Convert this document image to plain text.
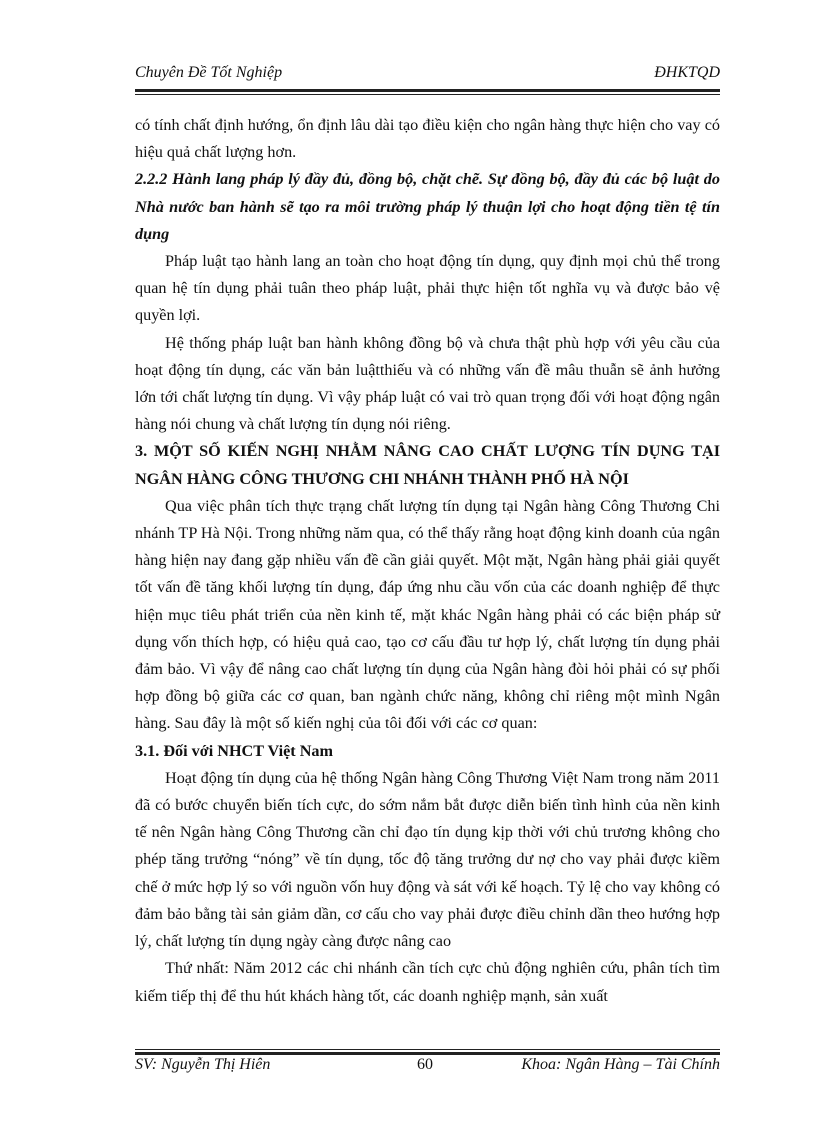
Chuyên Đề Tốt Nghiệp	ĐHKTQD

có tính chất định hướng, ổn định lâu dài tạo điều kiện cho ngân hàng thực hiện cho vay có hiệu quả chất lượng hơn.

2.2.2 Hành lang pháp lý đầy đủ, đồng bộ, chặt chẽ. Sự đồng bộ, đầy đủ các bộ luật do Nhà nước ban hành sẽ tạo ra môi trường pháp lý thuận lợi cho hoạt động tiền tệ tín dụng

Pháp luật tạo hành lang an toàn cho hoạt động tín dụng, quy định mọi chủ thể trong quan hệ tín dụng phải tuân theo pháp luật, phải thực hiện tốt nghĩa vụ và được bảo vệ quyền lợi.

Hệ thống pháp luật ban hành không đồng bộ và chưa thật phù hợp với yêu cầu của hoạt động tín dụng, các văn bản luậtthiếu và có những vấn đề mâu thuẫn sẽ ảnh hưởng lớn tới chất lượng tín dụng. Vì vậy pháp luật có vai trò quan trọng đối với hoạt động ngân hàng nói chung và chất lượng tín dụng nói riêng.

3. MỘT SỐ KIẾN NGHỊ NHẰM NÂNG CAO CHẤT LƯỢNG TÍN DỤNG TẠI NGÂN HÀNG CÔNG THƯƠNG CHI NHÁNH THÀNH PHỐ HÀ NỘI

Qua việc phân tích thực trạng chất lượng tín dụng tại Ngân hàng Công Thương Chi nhánh TP Hà Nội. Trong những năm qua, có thể thấy rằng hoạt động kinh doanh của ngân hàng hiện nay đang gặp nhiều vấn đề cần giải quyết. Một mặt, Ngân hàng phải giải quyết tốt vấn đề tăng khối lượng tín dụng, đáp ứng nhu cầu vốn của các doanh nghiệp để thực hiện mục tiêu phát triển của nền kinh tế, mặt khác Ngân hàng phải có các biện pháp sử dụng vốn thích hợp, có hiệu quả cao, tạo cơ cấu đầu tư hợp lý, chất lượng tín dụng phải đảm bảo. Vì vậy để nâng cao chất lượng tín dụng của Ngân hàng đòi hỏi phải có sự phối hợp đồng bộ giữa các cơ quan, ban ngành chức năng, không chỉ riêng một mình Ngân hàng. Sau đây là một số kiến nghị của tôi đối với các cơ quan:

3.1. Đối với NHCT Việt Nam

Hoạt động tín dụng của hệ thống Ngân hàng Công Thương Việt Nam trong năm 2011 đã có bước chuyển biến tích cực, do sớm nắm bắt được diễn biến tình hình của nền kinh tế nên Ngân hàng Công Thương cần chỉ đạo tín dụng kịp thời với chủ trương không cho phép tăng trưởng “nóng” về tín dụng, tốc độ tăng trưởng dư nợ cho vay phải được kiềm chế ở mức hợp lý so với nguồn vốn huy động và sát với kế hoạch. Tỷ lệ cho vay không có đảm bảo bằng tài sản giảm dần, cơ cấu cho vay phải được điều chỉnh dần theo hướng hợp lý, chất lượng tín dụng ngày càng được nâng cao

Thứ nhất: Năm 2012 các chi nhánh cần tích cực chủ động nghiên cứu, phân tích tìm kiếm tiếp thị để thu hút khách hàng tốt, các doanh nghiệp mạnh, sản xuất

SV: Nguyễn Thị Hiên	60	Khoa: Ngân Hàng – Tài Chính
